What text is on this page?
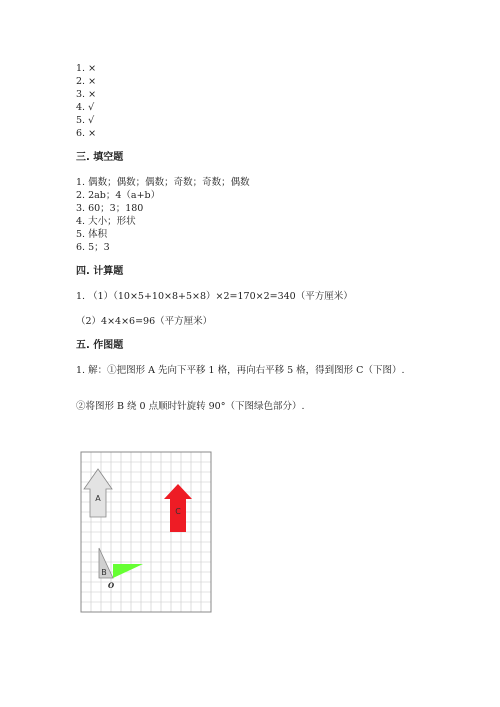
1. ×
2. ×
3. ×
4. √
5. √
6. ×
三. 填空题
1. 偶数；偶数；偶数；奇数；奇数；偶数
2. 2ab；4（a+b）
3. 60；3；180
4. 大小；形状
5. 体积
6. 5；3
四. 计算题
1. （1）（10×5+10×8+5×8）×2=170×2=340（平方厘米）
（2）4×4×6=96（平方厘米）
五. 作图题
1. 解：①把图形 A 先向下平移 1 格，再向右平移 5 格，得到图形 C（下图）.
②将图形 B 绕 0 点顺时针旋转 90°（下图绿色部分）.
A
C
B
O
